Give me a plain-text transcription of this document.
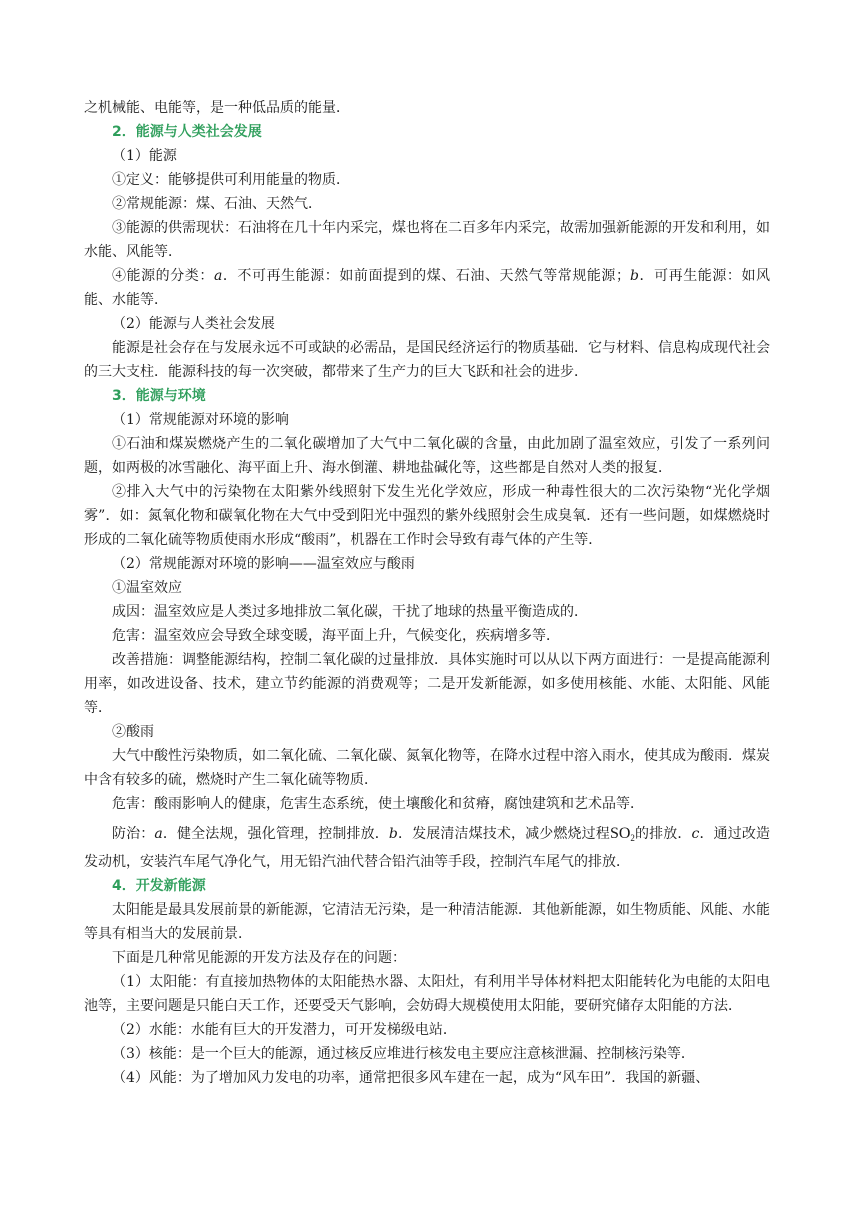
之机械能、电能等，是一种低品质的能量．

2．能源与人类社会发展

（1）能源

①定义：能够提供可利用能量的物质．

②常规能源：煤、石油、天然气．

③能源的供需现状：石油将在几十年内采完，煤也将在二百多年内采完，故需加强新能源的开发和利用，如水能、风能等．

④能源的分类：a．不可再生能源：如前面提到的煤、石油、天然气等常规能源；b．可再生能源：如风能、水能等．

（2）能源与人类社会发展

能源是社会存在与发展永远不可或缺的必需品，是国民经济运行的物质基础．它与材料、信息构成现代社会的三大支柱．能源科技的每一次突破，都带来了生产力的巨大飞跃和社会的进步．

3．能源与环境

（1）常规能源对环境的影响

①石油和煤炭燃烧产生的二氧化碳增加了大气中二氧化碳的含量，由此加剧了温室效应，引发了一系列问题，如两极的冰雪融化、海平面上升、海水倒灌、耕地盐碱化等，这些都是自然对人类的报复．

②排入大气中的污染物在太阳紫外线照射下发生光化学效应，形成一种毒性很大的二次污染物“光化学烟雾”．如：氮氧化物和碳氧化物在大气中受到阳光中强烈的紫外线照射会生成臭氧．还有一些问题，如煤燃烧时形成的二氧化硫等物质使雨水形成“酸雨”，机器在工作时会导致有毒气体的产生等．

（2）常规能源对环境的影响——温室效应与酸雨

①温室效应

成因：温室效应是人类过多地排放二氧化碳，干扰了地球的热量平衡造成的．

危害：温室效应会导致全球变暖，海平面上升，气候变化，疾病增多等．

改善措施：调整能源结构，控制二氧化碳的过量排放．具体实施时可以从以下两方面进行：一是提高能源利用率，如改进设备、技术，建立节约能源的消费观等；二是开发新能源，如多使用核能、水能、太阳能、风能等．

②酸雨

大气中酸性污染物质，如二氧化硫、二氧化碳、氮氧化物等，在降水过程中溶入雨水，使其成为酸雨．煤炭中含有较多的硫，燃烧时产生二氧化硫等物质．

危害：酸雨影响人的健康，危害生态系统，使土壤酸化和贫瘠，腐蚀建筑和艺术品等．

防治：a．健全法规，强化管理，控制排放．b．发展清洁煤技术，减少燃烧过程$SO_2$的排放．c．通过改造发动机，安装汽车尾气净化气，用无铅汽油代替合铅汽油等手段，控制汽车尾气的排放．

4．开发新能源

太阳能是最具发展前景的新能源，它清洁无污染，是一种清洁能源．其他新能源，如生物质能、风能、水能等具有相当大的发展前景．

下面是几种常见能源的开发方法及存在的问题：

（1）太阳能：有直接加热物体的太阳能热水器、太阳灶，有利用半导体材料把太阳能转化为电能的太阳电池等，主要问题是只能白天工作，还要受天气影响，会妨碍大规模使用太阳能，要研究储存太阳能的方法．

（2）水能：水能有巨大的开发潜力，可开发梯级电站．

（3）核能：是一个巨大的能源，通过核反应堆进行核发电主要应注意核泄漏、控制核污染等．

（4）风能：为了增加风力发电的功率，通常把很多风车建在一起，成为“风车田”．我国的新疆、
